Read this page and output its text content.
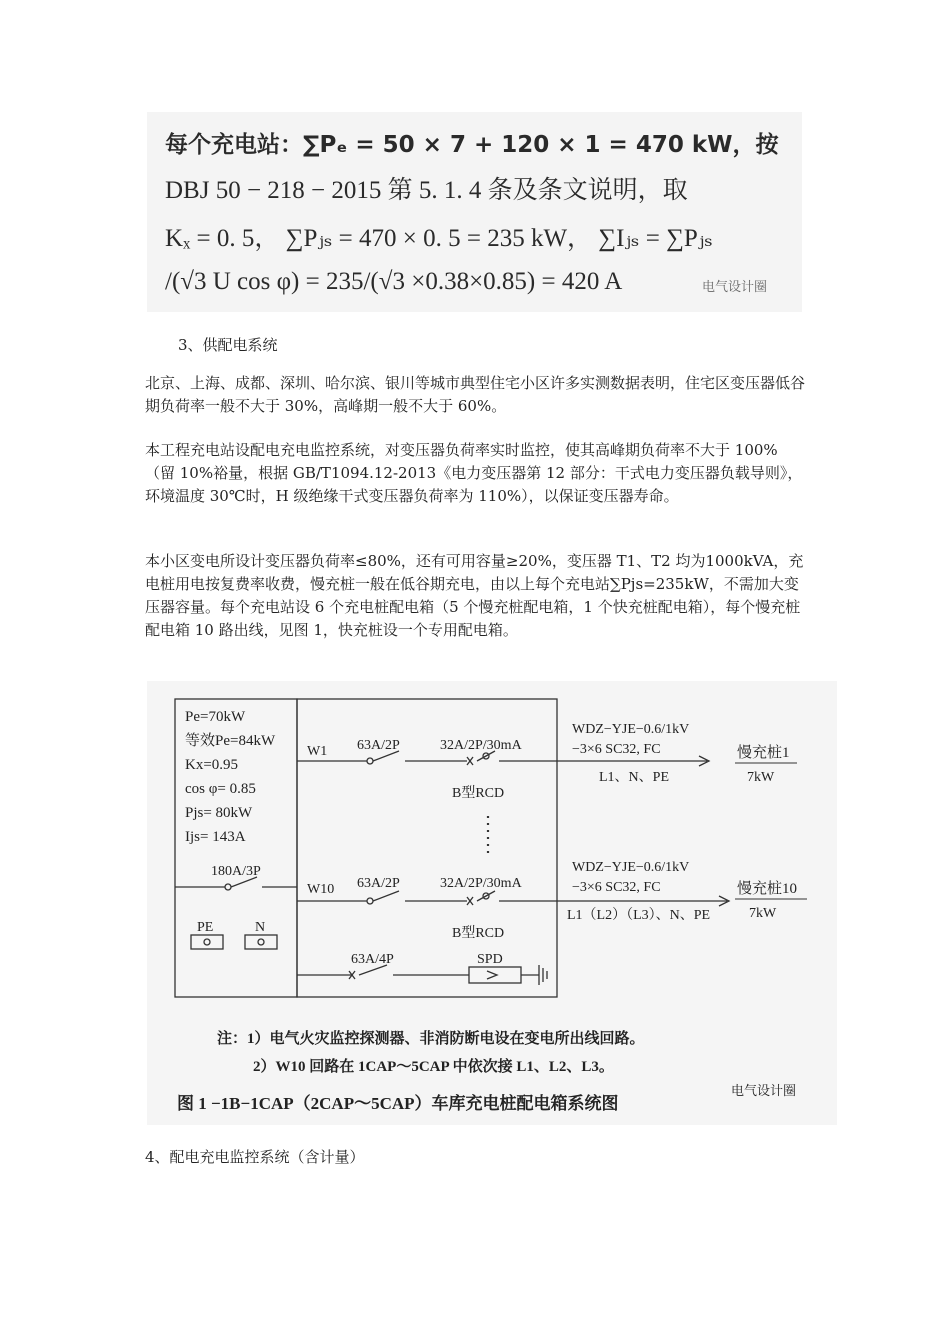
每个充电站：∑Pₑ = 50 × 7 + 120 × 1 = 470 kW，按
DBJ 50 − 218 − 2015 第 5. 1. 4 条及条文说明，取
Kₓ = 0. 5， ∑Pⱼₛ = 470 × 0. 5 = 235 kW， ∑Iⱼₛ = ∑Pⱼₛ
/(√3 U cos φ) = 235/(√3 ×0.38×0.85) = 420 A	电气设计圈
3、供配电系统

北京、上海、成都、深圳、哈尔滨、银川等城市典型住宅小区许多实测数据表明，住宅区变压器低谷期负荷率一般不大于 30%，高峰期一般不大于 60%。

本工程充电站设配电充电监控系统，对变压器负荷率实时监控，使其高峰期负荷率不大于 100%（留 10%裕量，根据 GB/T1094.12-2013《电力变压器第 12 部分：干式电力变压器负载导则》，环境温度 30℃时，H 级绝缘干式变压器负荷率为 110%），以保证变压器寿命。

本小区变电所设计变压器负荷率≤80%，还有可用容量≥20%，变压器 T1、T2 均为1000kVA，充电桩用电按复费率收费，慢充桩一般在低谷期充电，由以上每个充电站∑Pjs=235kW，不需加大变压器容量。每个充电站设 6 个充电桩配电箱（5 个慢充桩配电箱，1 个快充桩配电箱），每个慢充桩配电箱 10 路出线，见图 1，快充桩设一个专用配电箱。

Pe=70kW
等效Pe=84kW
Kx=0.95
cos φ= 0.85
Pjs= 80kW
Ijs= 143A
180A/3P
PE	N
W1 63A/2P	32A/2P/30mA
B型RCD
WDZ−YJE−0.6/1kV
−3×6 SC32, FC
L1、N、PE
慢充桩1
7kW
W10 63A/2P	32A/2P/30mA
B型RCD
WDZ−YJE−0.6/1kV
−3×6 SC32, FC
L1（L2）（L3）、N、PE
慢充桩10
7kW
63A/4P	SPD
注：1）电气火灾监控探测器、非消防断电设在变电所出线回路。
2）W10 回路在 1CAP～5CAP 中依次接 L1、L2、L3。
图 1 −1B−1CAP（2CAP～5CAP）车库充电桩配电箱系统图
电气设计圈
4、配电充电监控系统（含计量）
